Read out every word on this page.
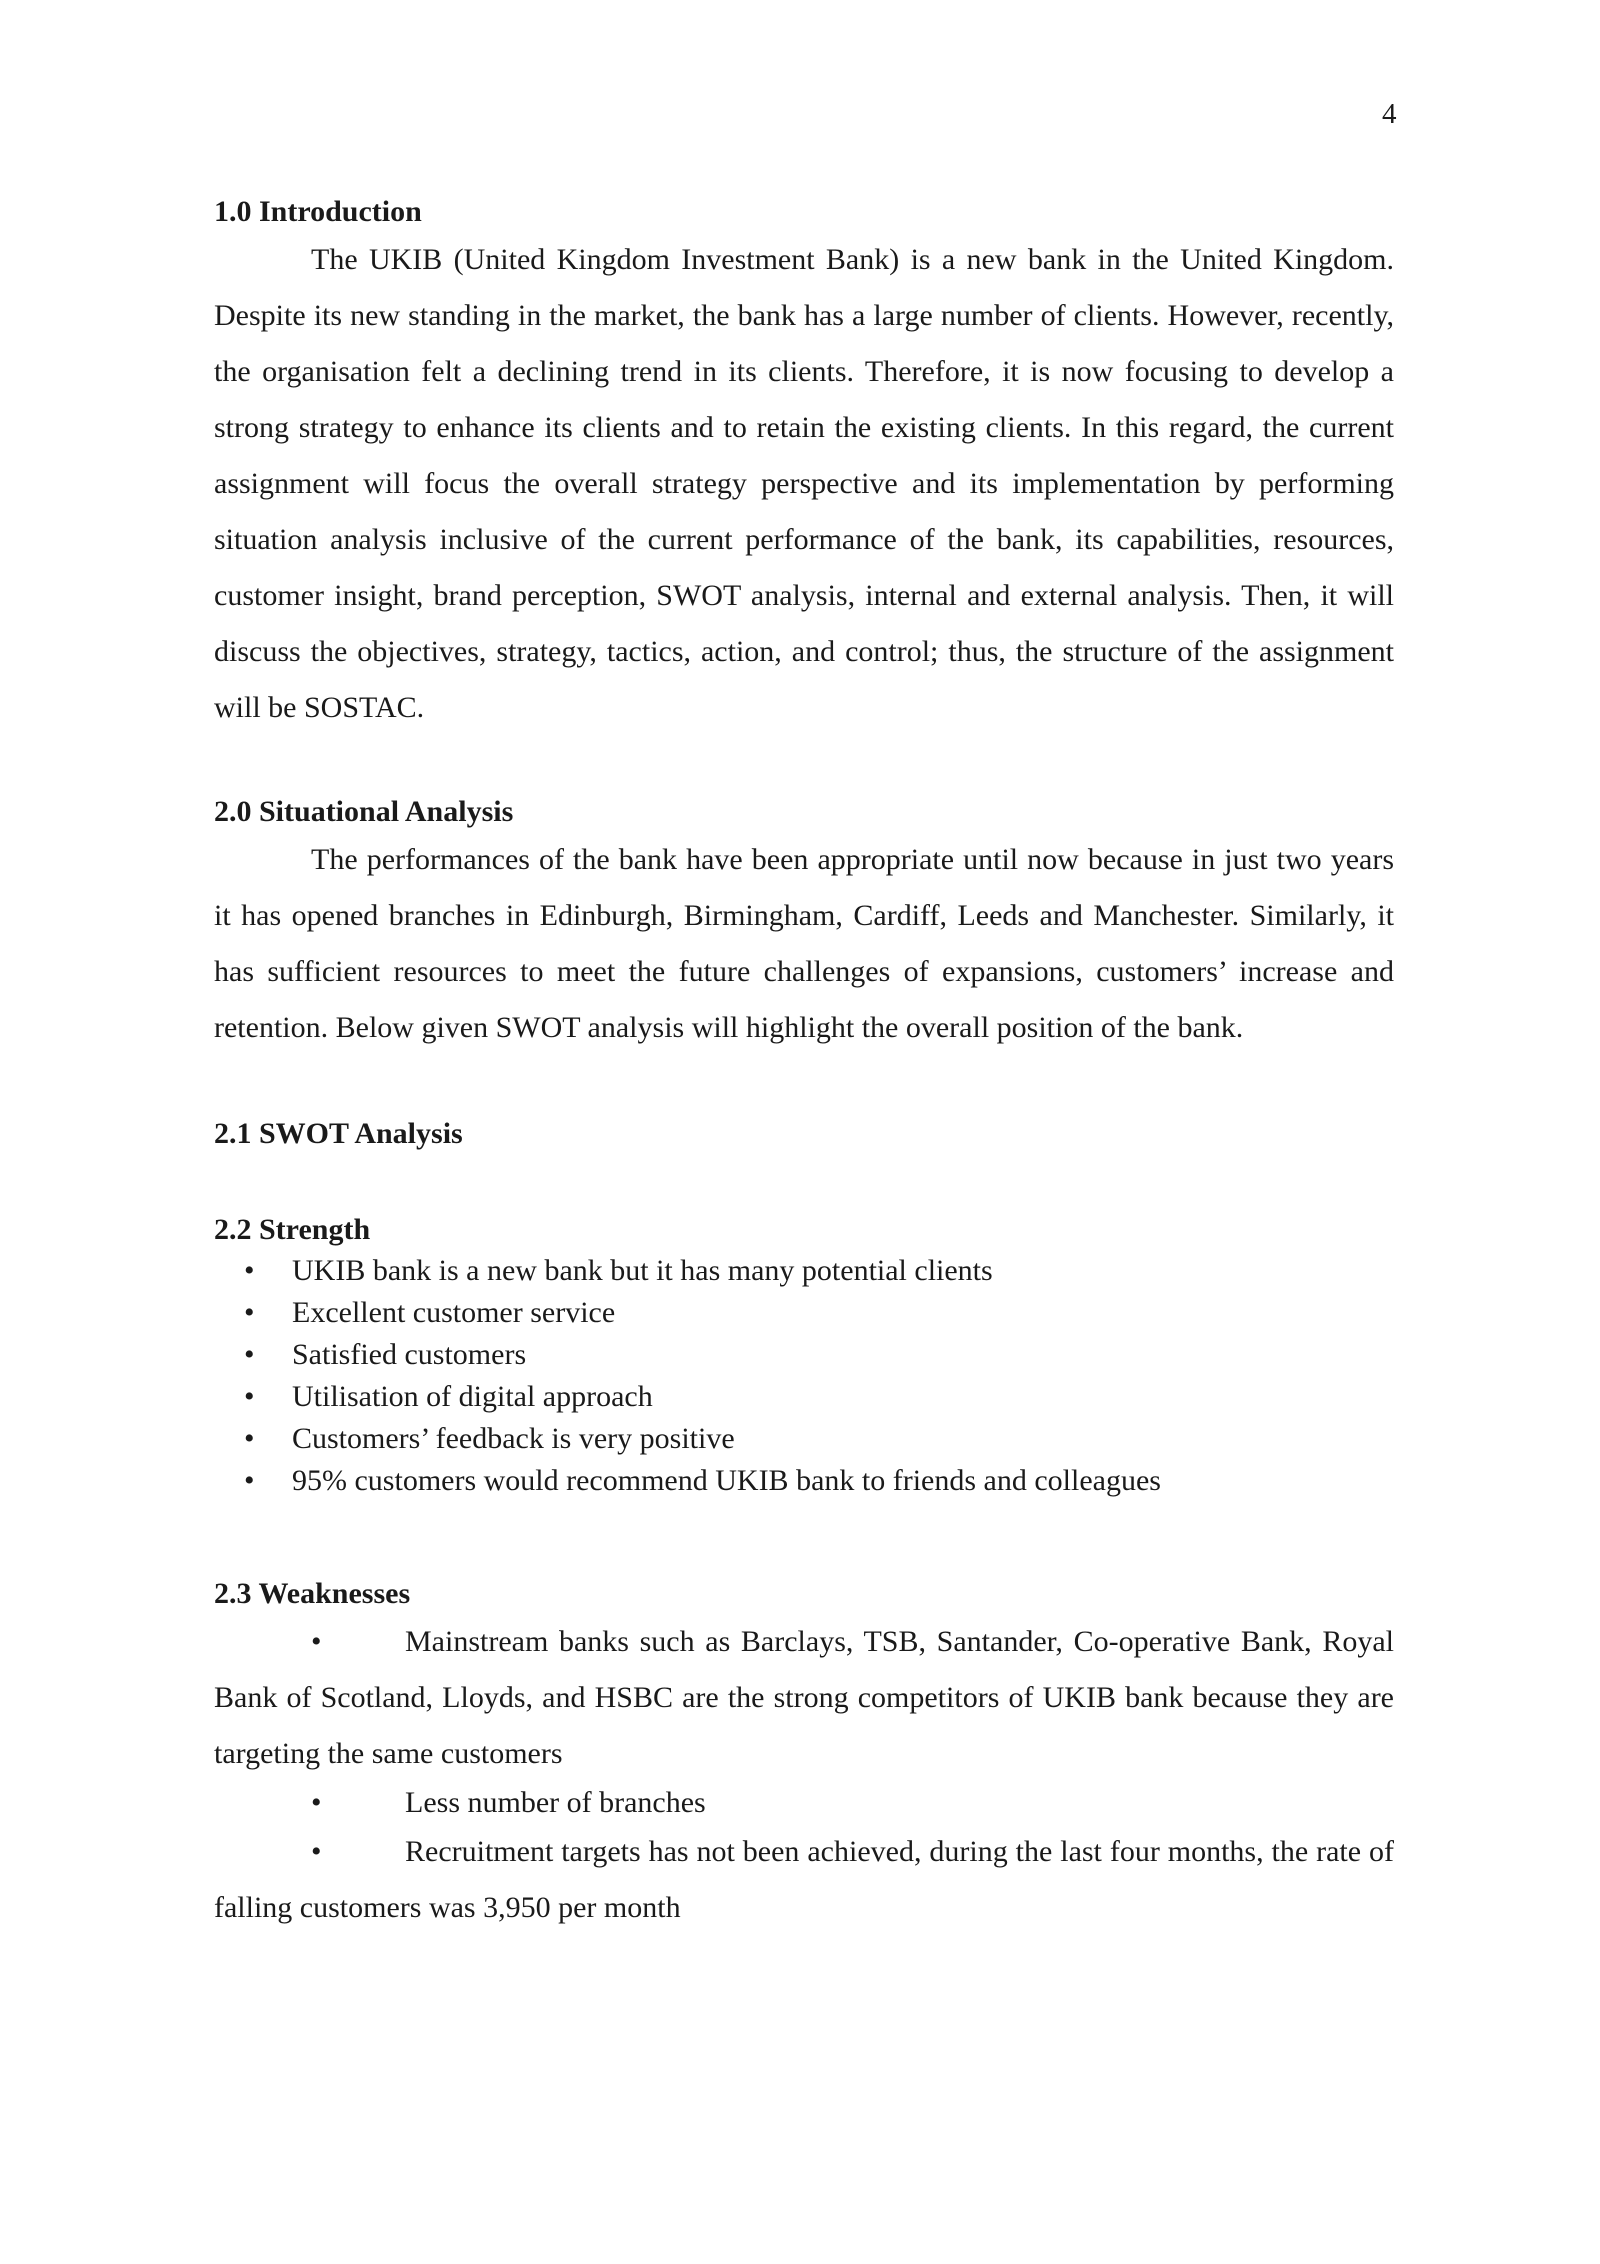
4
1.0 Introduction

The UKIB (United Kingdom Investment Bank) is a new bank in the United Kingdom. Despite its new standing in the market, the bank has a large number of clients. However, recently, the organisation felt a declining trend in its clients. Therefore, it is now focusing to develop a strong strategy to enhance its clients and to retain the existing clients. In this regard, the current assignment will focus the overall strategy perspective and its implementation by performing situation analysis inclusive of the current performance of the bank, its capabilities, resources, customer insight, brand perception, SWOT analysis, internal and external analysis. Then, it will discuss the objectives, strategy, tactics, action, and control; thus, the structure of the assignment will be SOSTAC.

2.0 Situational Analysis

The performances of the bank have been appropriate until now because in just two years it has opened branches in Edinburgh, Birmingham, Cardiff, Leeds and Manchester. Similarly, it has sufficient resources to meet the future challenges of expansions, customers’ increase and retention. Below given SWOT analysis will highlight the overall position of the bank.

2.1 SWOT Analysis
2.2 Strength
• UKIB bank is a new bank but it has many potential clients
• Excellent customer service
• Satisfied customers
• Utilisation of digital approach
• Customers’ feedback is very positive
• 95% customers would recommend UKIB bank to friends and colleagues
2.3 Weaknesses

•	Mainstream banks such as Barclays, TSB, Santander, Co-operative Bank, Royal Bank of Scotland, Lloyds, and HSBC are the strong competitors of UKIB bank because they are targeting the same customers

•	Less number of branches

•	Recruitment targets has not been achieved, during the last four months, the rate of falling customers was 3,950 per month
